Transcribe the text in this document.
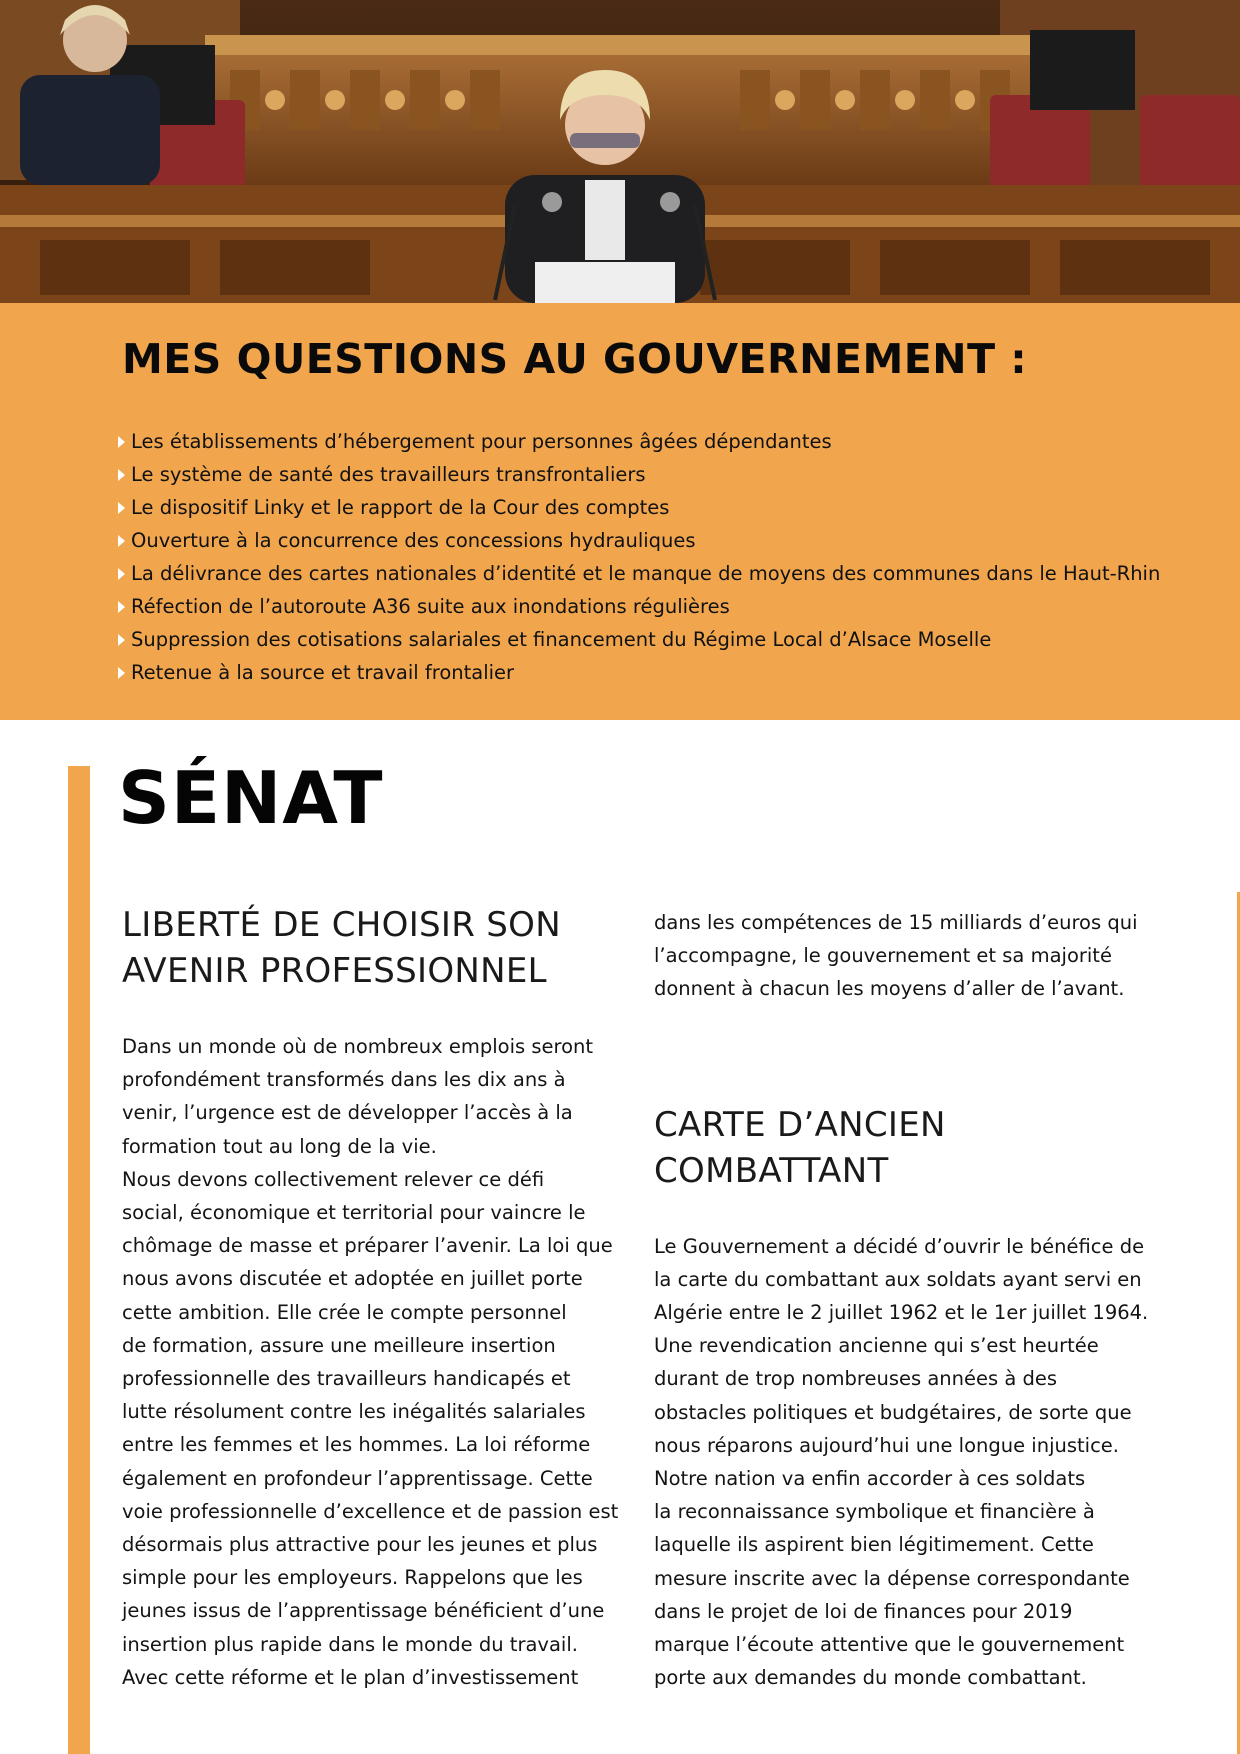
MES QUESTIONS AU GOUVERNEMENT :
Les établissements d’hébergement pour personnes âgées dépendantes
Le système de santé des travailleurs transfrontaliers
Le dispositif Linky et le rapport de la Cour des comptes
Ouverture à la concurrence des concessions hydrauliques
La délivrance des cartes nationales d’identité et le manque de moyens des communes dans le Haut-Rhin
Réfection de l’autoroute A36 suite aux inondations régulières
Suppression des cotisations salariales et financement du Régime Local d’Alsace Moselle
Retenue à la source et travail frontalier
SÉNAT
LIBERTÉ DE CHOISIR SON
AVENIR PROFESSIONNEL

Dans un monde où de nombreux emplois seront

profondément transformés dans les dix ans à

venir, l’urgence est de développer l’accès à la

formation tout au long de la vie.

Nous devons collectivement relever ce défi

social, économique et territorial pour vaincre le

chômage de masse et préparer l’avenir. La loi que

nous avons discutée et adoptée en juillet porte

cette ambition. Elle crée le compte personnel

de formation, assure une meilleure insertion

professionnelle des travailleurs handicapés et

lutte résolument contre les inégalités salariales

entre les femmes et les hommes. La loi réforme

également en profondeur l’apprentissage. Cette

voie professionnelle d’excellence et de passion est

désormais plus attractive pour les jeunes et plus

simple pour les employeurs. Rappelons que les

jeunes issus de l’apprentissage bénéficient d’une

insertion plus rapide dans le monde du travail.

Avec cette réforme et le plan d’investissement

dans les compétences de 15 milliards d’euros qui

l’accompagne, le gouvernement et sa majorité

donnent à chacun les moyens d’aller de l’avant.

CARTE D’ANCIEN
COMBATTANT

Le Gouvernement a décidé d’ouvrir le bénéfice de

la carte du combattant aux soldats ayant servi en

Algérie entre le 2 juillet 1962 et le 1er juillet 1964.

Une revendication ancienne qui s’est heurtée

durant de trop nombreuses années à des

obstacles politiques et budgétaires, de sorte que

nous réparons aujourd’hui une longue injustice.

Notre nation va enfin accorder à ces soldats

la reconnaissance symbolique et financière à

laquelle ils aspirent bien légitimement. Cette

mesure inscrite avec la dépense correspondante

dans le projet de loi de finances pour 2019

marque l’écoute attentive que le gouvernement

porte aux demandes du monde combattant.
